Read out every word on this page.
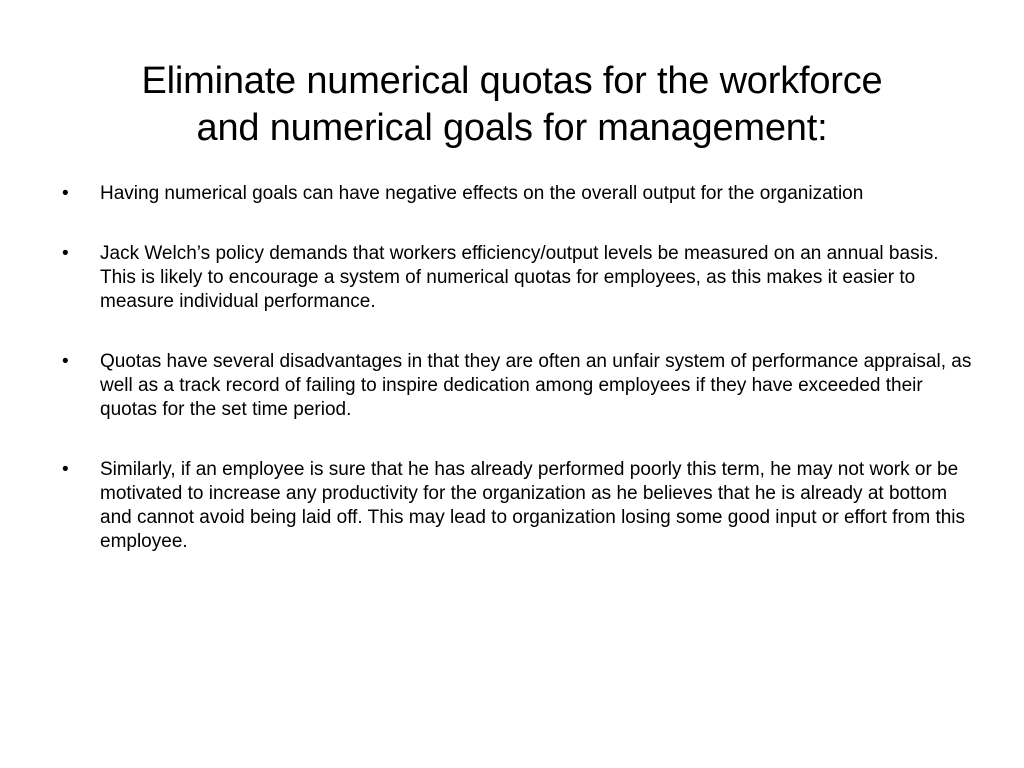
Eliminate numerical quotas for the workforce
and numerical goals for management:
•	Having numerical goals can have negative effects on the overall output for the organization
•	Jack Welch’s policy demands that workers efficiency/output levels be measured on an annual basis. This is likely to encourage a system of numerical quotas for employees, as this makes it easier to measure individual performance.
•	Quotas have several disadvantages in that they are often an unfair system of performance appraisal, as well as a track record of failing to inspire dedication among employees if they have exceeded their quotas for the set time period.
•	Similarly, if an employee is sure that he has already performed poorly this term, he may not work or be motivated to increase any productivity for the organization as he believes that he is already at bottom and cannot avoid being laid off. This may lead to organization losing some good input or effort from this employee.
